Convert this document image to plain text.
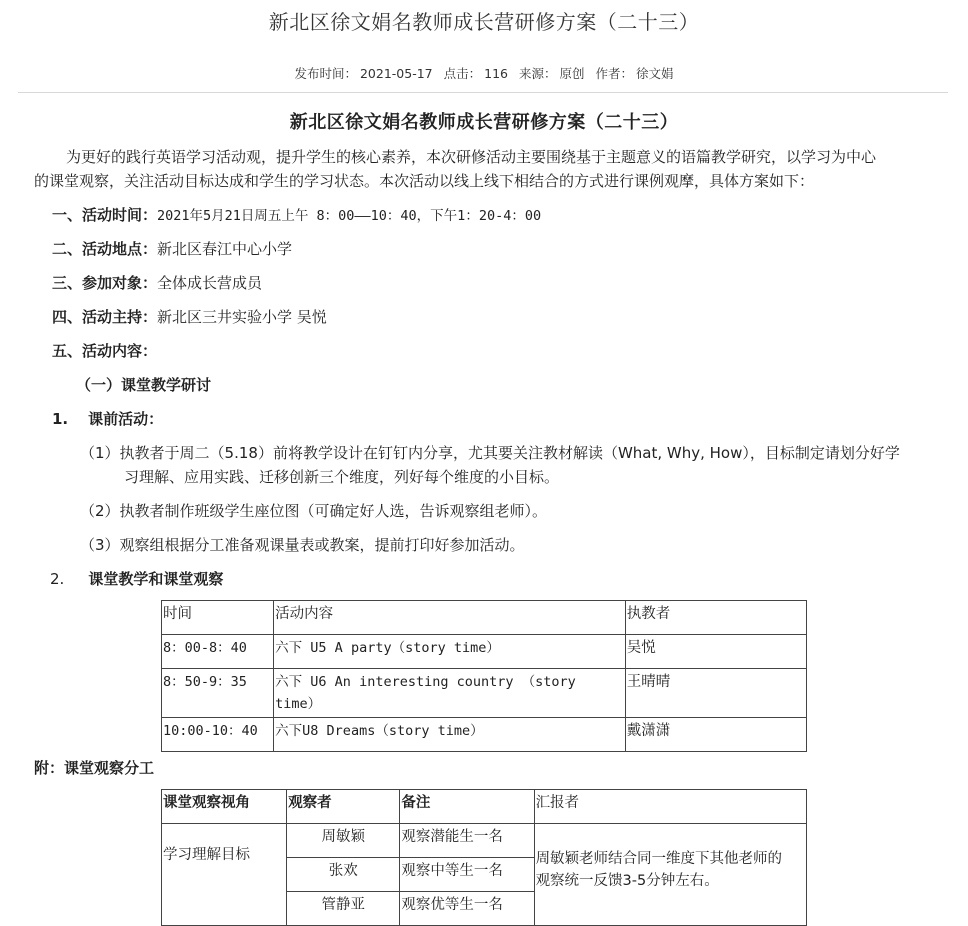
新北区徐文娟名教师成长营研修方案（二十三）
发布时间： 2021-05-17 点击： 116 来源： 原创 作者： 徐文娟
新北区徐文娟名教师成长营研修方案（二十三）
为更好的践行英语学习活动观，提升学生的核心素养，本次研修活动主要围绕基于主题意义的语篇教学研究，以学习为中心
的课堂观察，关注活动目标达成和学生的学习状态。本次活动以线上线下相结合的方式进行课例观摩，具体方案如下：
一、活动时间：2021年5月21日周五上午 8：00——10：40，下午1：20-4：00
二、活动地点：新北区春江中心小学
三、参加对象：全体成长营成员
四、活动主持：新北区三井实验小学 吴悦
五、活动内容：
（一）课堂教学研讨
1. 课前活动：
（1）执教者于周二（5.18）前将教学设计在钉钉内分享，尤其要关注教材解读（What, Why, How），目标制定请划分好学
习理解、应用实践、迁移创新三个维度，列好每个维度的小目标。
（2）执教者制作班级学生座位图（可确定好人选，告诉观察组老师）。
（3）观察组根据分工准备观课量表或教案，提前打印好参加活动。
2. 课堂教学和课堂观察
时间	活动内容	执教者
8：00-8：40	六下 U5 A party（story time）	吴悦
8：50-9：35	六下 U6 An interesting country （story
time）	王晴晴
10:00-10：40	六下U8 Dreams（story time）	戴潇潇
附：课堂观察分工
课堂观察视角	观察者	备注	汇报者

学习理解目标	周敏颖	观察潜能生一名	周敏颖老师结合同一维度下其他老师的
观察统一反馈3-5分钟左右。

	张欢	观察中等生一名	
	管静亚	观察优等生一名	
